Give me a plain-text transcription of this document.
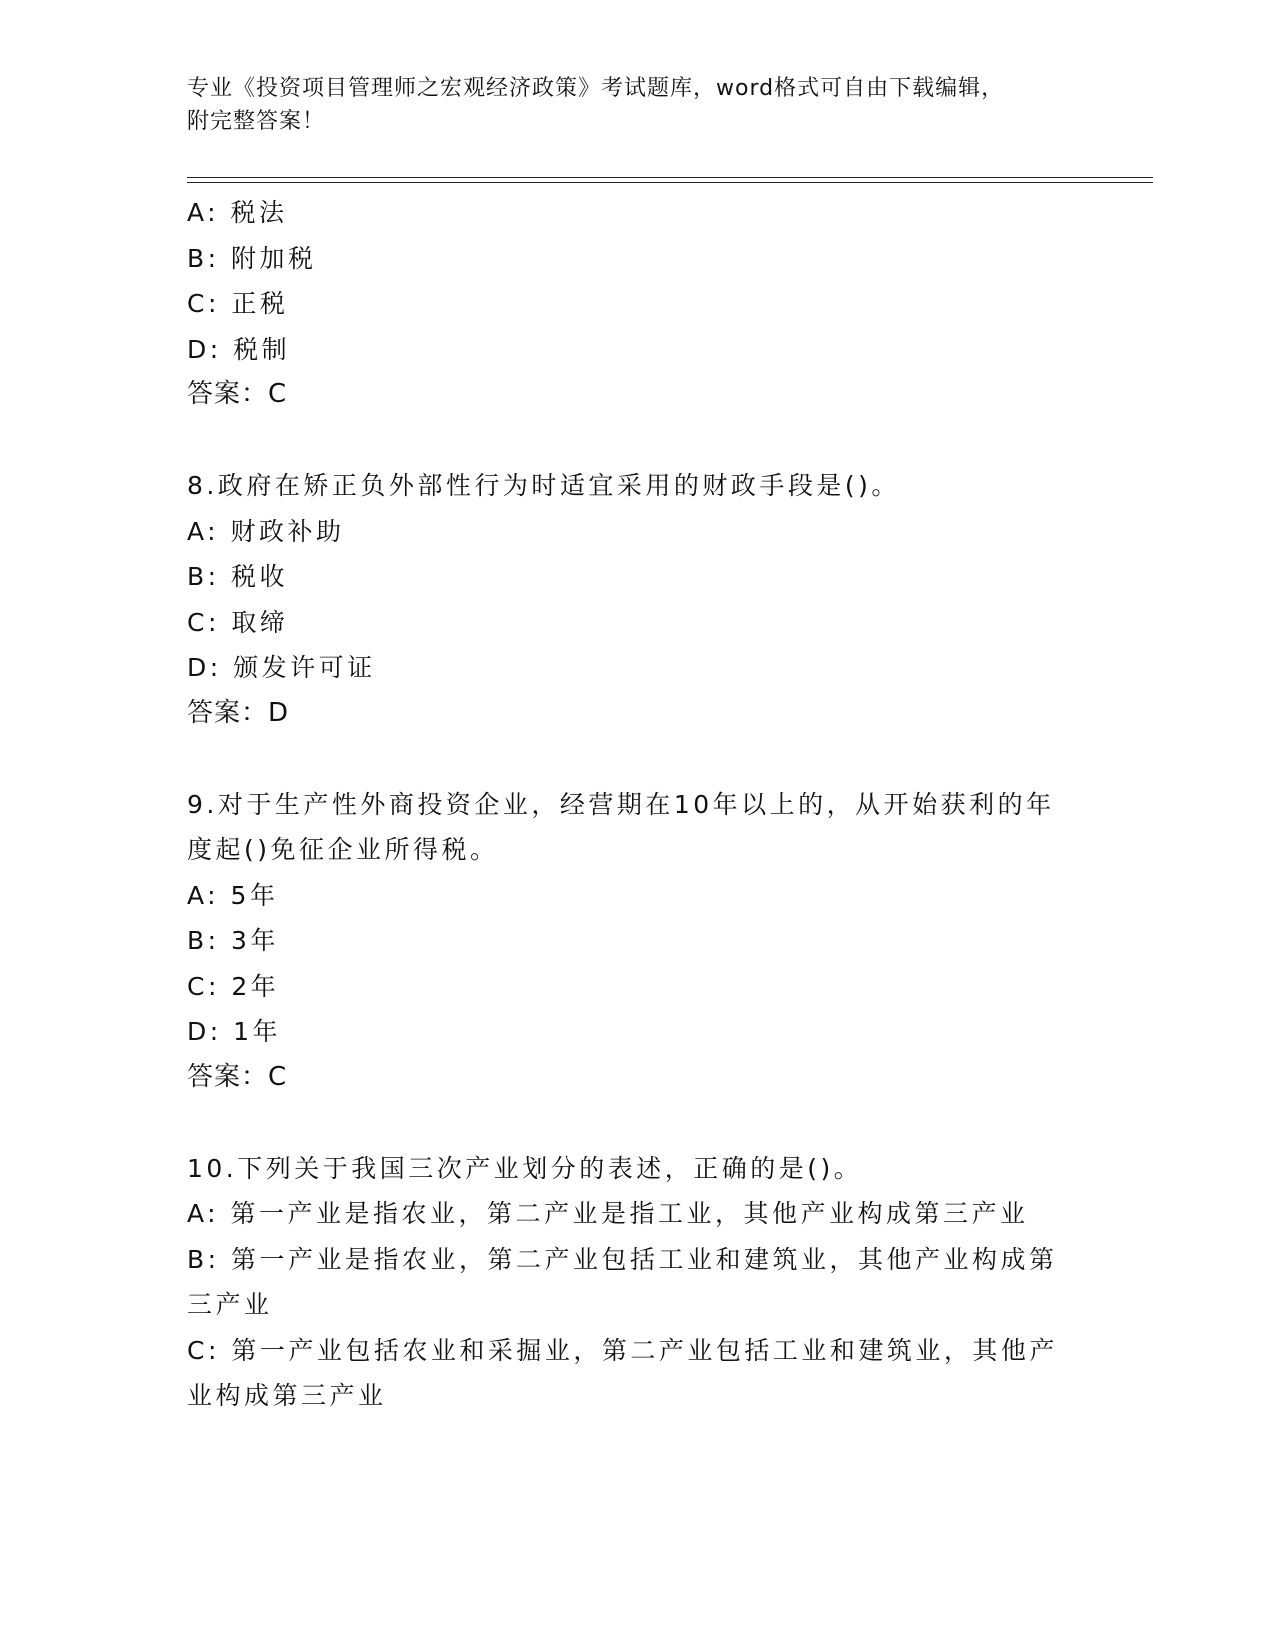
专业《投资项目管理师之宏观经济政策》考试题库，word格式可自由下载编辑，
附完整答案！
A: 税法
B: 附加税
C: 正税
D: 税制
答案：C
8.政府在矫正负外部性行为时适宜采用的财政手段是()。
A: 财政补助
B: 税收
C: 取缔
D: 颁发许可证
答案：D
9.对于生产性外商投资企业，经营期在10年以上的，从开始获利的年度起()免征企业所得税。
A: 5年
B: 3年
C: 2年
D: 1年
答案：C
10.下列关于我国三次产业划分的表述，正确的是()。
A: 第一产业是指农业，第二产业是指工业，其他产业构成第三产业
B: 第一产业是指农业，第二产业包括工业和建筑业，其他产业构成第三产业
C: 第一产业包括农业和采掘业，第二产业包括工业和建筑业，其他产业构成第三产业
